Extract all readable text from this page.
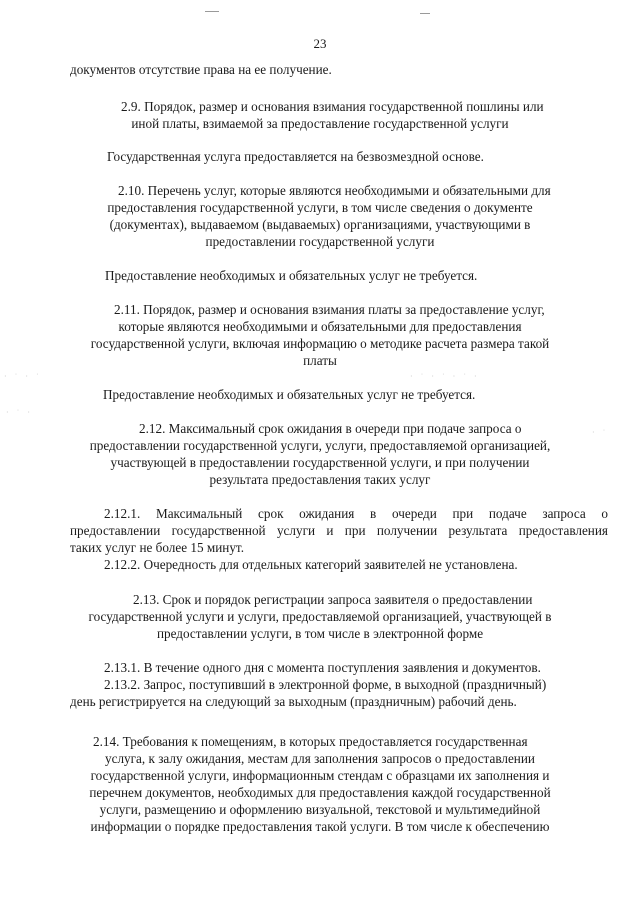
· ˙ · ˙
· ˙ ·
· ˙ · ˙ · ˙ ·
· ˙
23
документов отсутствие права на ее получение.
2.9. Порядок, размер и основания взимания государственной пошлины или
иной платы, взимаемой за предоставление государственной услуги
Государственная услуга предоставляется на безвозмездной основе.
2.10. Перечень услуг, которые являются необходимыми и обязательными для
предоставления государственной услуги, в том числе сведения о документе
(документах), выдаваемом (выдаваемых) организациями, участвующими в
предоставлении государственной услуги
Предоставление необходимых и обязательных услуг не требуется.
2.11. Порядок, размер и основания взимания платы за предоставление услуг,
которые являются необходимыми и обязательными для предоставления
государственной услуги, включая информацию о методике расчета размера такой
платы
Предоставление необходимых и обязательных услуг не требуется.
2.12. Максимальный срок ожидания в очереди при подаче запроса о
предоставлении государственной услуги, услуги, предоставляемой организацией,
участвующей в предоставлении государственной услуги, и при получении
результата предоставления таких услуг
2.12.1. Максимальный срок ожидания в очереди при подаче запроса о
предоставлении государственной услуги и при получении результата предоставления
таких услуг не более 15 минут.
2.12.2. Очередность для отдельных категорий заявителей не установлена.
2.13. Срок и порядок регистрации запроса заявителя о предоставлении
государственной услуги и услуги, предоставляемой организацией, участвующей в
предоставлении услуги, в том числе в электронной форме
2.13.1. В течение одного дня с момента поступления заявления и документов.
2.13.2. Запрос, поступивший в электронной форме, в выходной (праздничный)
день регистрируется на следующий за выходным (праздничным) рабочий день.
2.14. Требования к помещениям, в которых предоставляется государственная
услуга, к залу ожидания, местам для заполнения запросов о предоставлении
государственной услуги, информационным стендам с образцами их заполнения и
перечнем документов, необходимых для предоставления каждой государственной
услуги, размещению и оформлению визуальной, текстовой и мультимедийной
информации о порядке предоставления такой услуги. В том числе к обеспечению
